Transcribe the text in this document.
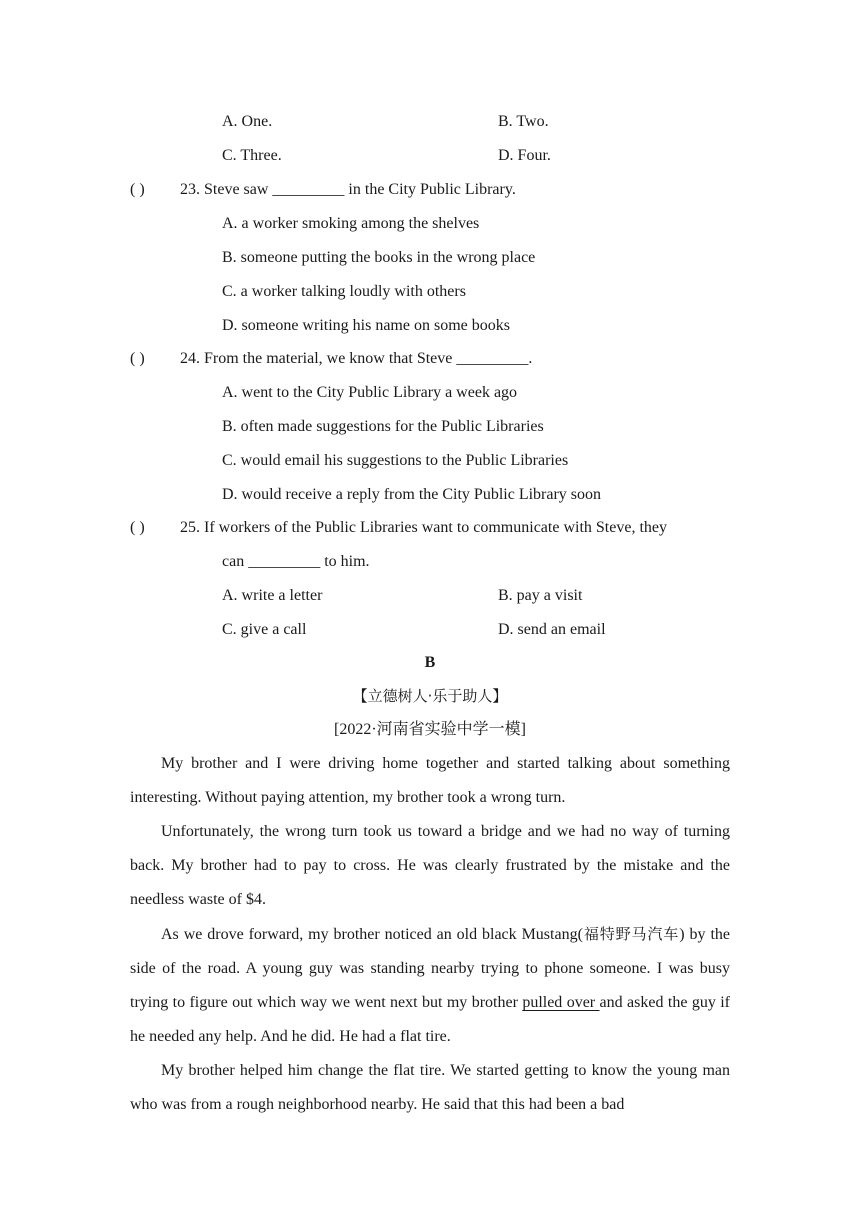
A. One.	B. Two.
C. Three.	D. Four.
( ) 23. Steve saw _________ in the City Public Library.
A. a worker smoking among the shelves
B. someone putting the books in the wrong place
C. a worker talking loudly with others
D. someone writing his name on some books
( ) 24. From the material, we know that Steve _________.
A. went to the City Public Library a week ago
B. often made suggestions for the Public Libraries
C. would email his suggestions to the Public Libraries
D. would receive a reply from the City Public Library soon
( ) 25. If workers of the Public Libraries want to communicate with Steve, they
can _________ to him.
A. write a letter	B. pay a visit
C. give a call	D. send an email
B
【立德树人·乐于助人】
[2022·河南省实验中学一模]

My brother and I were driving home together and started talking about something interesting. Without paying attention, my brother took a wrong turn.

Unfortunately, the wrong turn took us toward a bridge and we had no way of turning back. My brother had to pay to cross. He was clearly frustrated by the mistake and the needless waste of $4.

As we drove forward, my brother noticed an old black Mustang(福特野马汽车) by the side of the road. A young guy was standing nearby trying to phone someone. I was busy trying to figure out which way we went next but my brother pulled over and asked the guy if he needed any help. And he did. He had a flat tire.

My brother helped him change the flat tire. We started getting to know the young man who was from a rough neighborhood nearby. He said that this had been a bad
